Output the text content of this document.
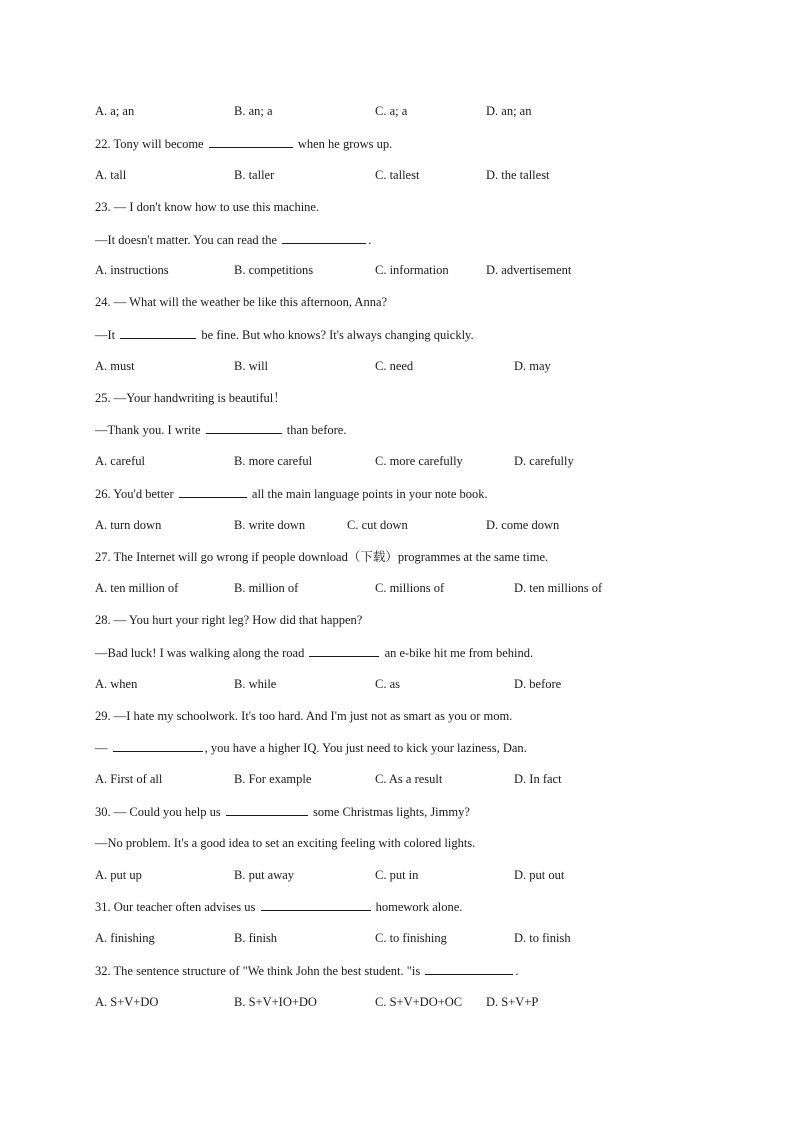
A. a; an	B. an; a	C. a; a	D. an; an
22. Tony will become	when he grows up.
A. tall	B. taller	C. tallest	D. the tallest
23. — I don't know how to use this machine.
—It doesn't matter. You can read the	.
A. instructions	B. competitions	C. information	D. advertisement
24. — What will the weather be like this afternoon, Anna?
—It	be fine. But who knows? It's always changing quickly.
A. must	B. will	C. need	D. may
25. —Your handwriting is beautiful！
—Thank you. I write	than before.
A. careful	B. more careful	C. more carefully	D. carefully
26. You'd better	all the main language points in your note book.
A. turn down	B. write down	C. cut down	D. come down
27. The Internet will go wrong if people download（下载）programmes at the same time.
A. ten million of	B. million of	C. millions of	D. ten millions of
28. — You hurt your right leg? How did that happen?
—Bad luck! I was walking along the road	an e-bike hit me from behind.
A. when	B. while	C. as	D. before
29. —I hate my schoolwork. It's too hard. And I'm just not as smart as you or mom.
—	, you have a higher IQ. You just need to kick your laziness, Dan.
A. First of all	B. For example	C. As a result	D. In fact
30. — Could you help us	some Christmas lights, Jimmy?
—No problem. It's a good idea to set an exciting feeling with colored lights.
A. put up	B. put away	C. put in	D. put out
31. Our teacher often advises us	homework alone.
A. finishing	B. finish	C. to finishing	D. to finish
32. The sentence structure of "We think John the best student. "is	.
A. S+V+DO	B. S+V+IO+DO	C. S+V+DO+OC D. S+V+P
